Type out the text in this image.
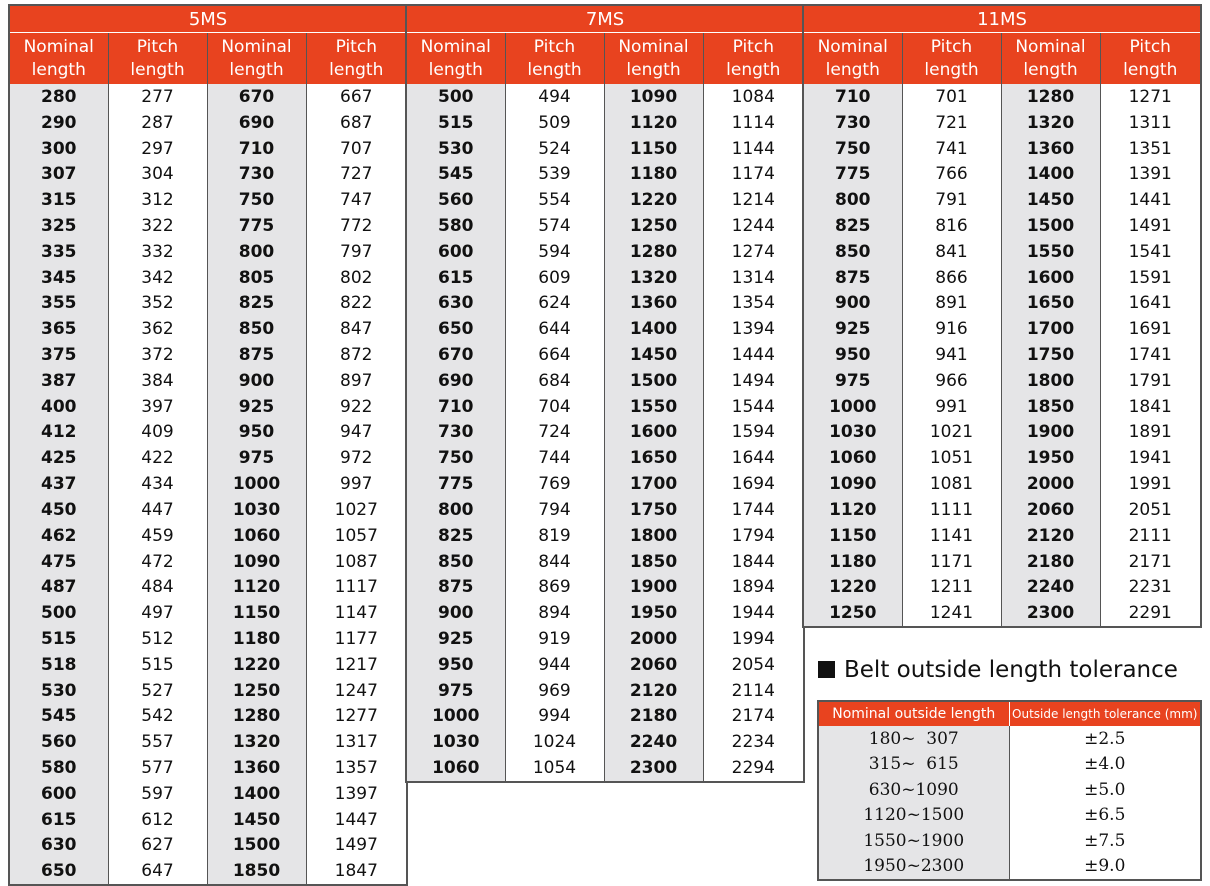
5MS			
Nominal
length	Pitch
length	Nominal
length	Pitch
length
280	277	670	667
290	287	690	687
300	297	710	707
307	304	730	727
315	312	750	747
325	322	775	772
335	332	800	797
345	342	805	802
355	352	825	822
365	362	850	847
375	372	875	872
387	384	900	897
400	397	925	922
412	409	950	947
425	422	975	972
437	434	1000	997
450	447	1030	1027
462	459	1060	1057
475	472	1090	1087
487	484	1120	1117
500	497	1150	1147
515	512	1180	1177
518	515	1220	1217
530	527	1250	1247
545	542	1280	1277
560	557	1320	1317
580	577	1360	1357
600	597	1400	1397
615	612	1450	1447
630	627	1500	1497
650	647	1850	1847
7MS			
Nominal
length	Pitch
length	Nominal
length	Pitch
length
500	494	1090	1084
515	509	1120	1114
530	524	1150	1144
545	539	1180	1174
560	554	1220	1214
580	574	1250	1244
600	594	1280	1274
615	609	1320	1314
630	624	1360	1354
650	644	1400	1394
670	664	1450	1444
690	684	1500	1494
710	704	1550	1544
730	724	1600	1594
750	744	1650	1644
775	769	1700	1694
800	794	1750	1744
825	819	1800	1794
850	844	1850	1844
875	869	1900	1894
900	894	1950	1944
925	919	2000	1994
950	944	2060	2054
975	969	2120	2114
1000	994	2180	2174
1030	1024	2240	2234
1060	1054	2300	2294
11MS			
Nominal
length	Pitch
length	Nominal
length	Pitch
length
710	701	1280	1271
730	721	1320	1311
750	741	1360	1351
775	766	1400	1391
800	791	1450	1441
825	816	1500	1491
850	841	1550	1541
875	866	1600	1591
900	891	1650	1641
925	916	1700	1691
950	941	1750	1741
975	966	1800	1791
1000	991	1850	1841
1030	1021	1900	1891
1060	1051	1950	1941
1090	1081	2000	1991
1120	1111	2060	2051
1150	1141	2120	2111
1180	1171	2180	2171
1220	1211	2240	2231
1250	1241	2300	2291
Belt outside length tolerance
Nominal outside length	Outside length tolerance (mm)
180~  307	±2.5
315~  615	±4.0
630~1090	±5.0
1120~1500	±6.5
1550~1900	±7.5
1950~2300	±9.0
